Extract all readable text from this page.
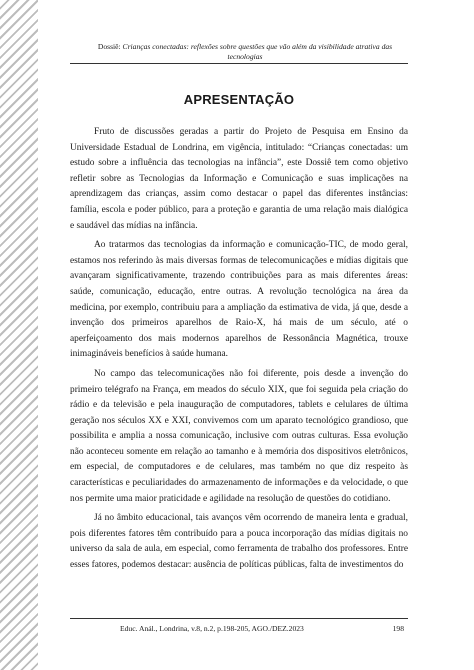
Dossiê: Crianças conectadas: reflexões sobre questões que vão além da visibilidade atrativa das tecnologias
APRESENTAÇÃO

Fruto de discussões geradas a partir do Projeto de Pesquisa em Ensino da Universidade Estadual de Londrina, em vigência, intitulado: “Crianças conectadas: um estudo sobre a influência das tecnologias na infância”, este Dossiê tem como objetivo refletir sobre as Tecnologias da Informação e Comunicação e suas implicações na aprendizagem das crianças, assim como destacar o papel das diferentes instâncias: família, escola e poder público, para a proteção e garantia de uma relação mais dialógica e saudável das mídias na infância.

Ao tratarmos das tecnologias da informação e comunicação-TIC, de modo geral, estamos nos referindo às mais diversas formas de telecomunicações e mídias digitais que avançaram significativamente, trazendo contribuições para as mais diferentes áreas: saúde, comunicação, educação, entre outras. A revolução tecnológica na área da medicina, por exemplo, contribuiu para a ampliação da estimativa de vida, já que, desde a invenção dos primeiros aparelhos de Raio-X, há mais de um século, até o aperfeiçoamento dos mais modernos aparelhos de Ressonância Magnética, trouxe inimagináveis benefícios à saúde humana.

No campo das telecomunicações não foi diferente, pois desde a invenção do primeiro telégrafo na França, em meados do século XIX, que foi seguida pela criação do rádio e da televisão e pela inauguração de computadores, tablets e celulares de última geração nos séculos XX e XXI, convivemos com um aparato tecnológico grandioso, que possibilita e amplia a nossa comunicação, inclusive com outras culturas. Essa evolução não aconteceu somente em relação ao tamanho e à memória dos dispositivos eletrônicos, em especial, de computadores e de celulares, mas também no que diz respeito às características e peculiaridades do armazenamento de informações e da velocidade, o que nos permite uma maior praticidade e agilidade na resolução de questões do cotidiano.

Já no âmbito educacional, tais avanços vêm ocorrendo de maneira lenta e gradual, pois diferentes fatores têm contribuído para a pouca incorporação das mídias digitais no universo da sala de aula, em especial, como ferramenta de trabalho dos professores. Entre esses fatores, podemos destacar: ausência de políticas públicas, falta de investimentos do

Educ. Anál., Londrina, v.8, n.2, p.198-205, AGO./DEZ.2023	198
